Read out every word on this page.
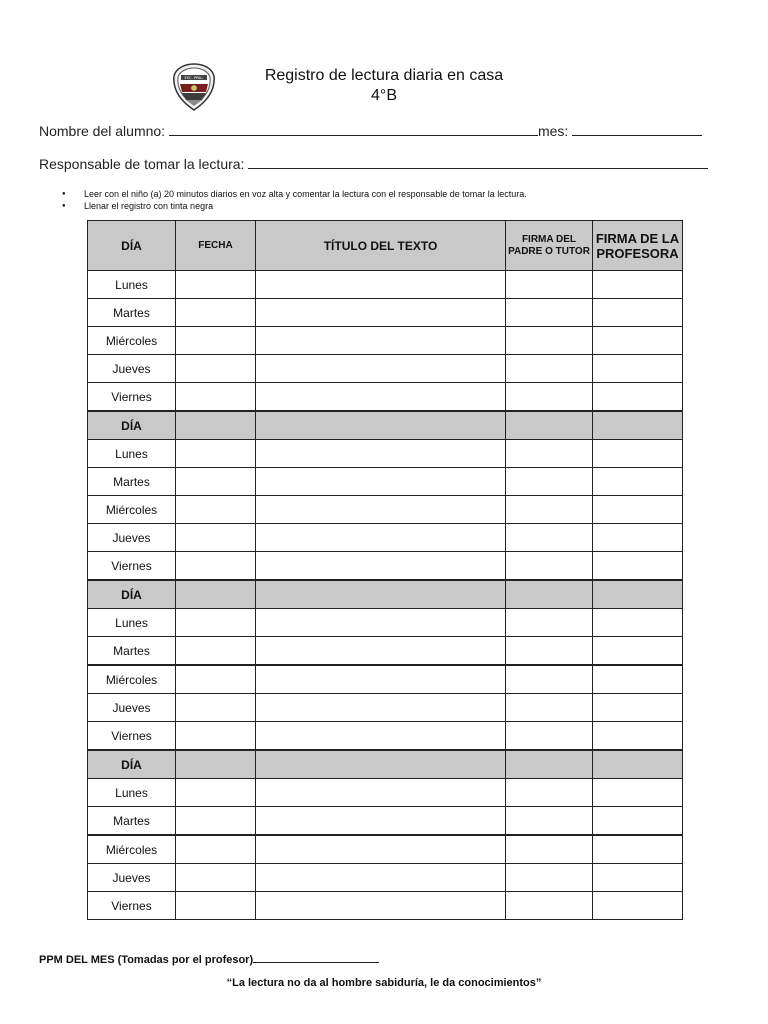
ESC. PPAL.	Registro de lectura diaria en casa
4°B
Nombre del alumno:	mes:
Responsable de tomar la lectura:
● Leer con el niño (a) 20 minutos diarios en voz alta y comentar la lectura con el responsable de tomar la lectura.
● Llenar el registro con tinta negra
DÍA	FECHA	TÍTULO DEL TEXTO	FIRMA DEL PADRE O TUTOR	FIRMA DE LA PROFESORA
Lunes				
Martes				
Miércoles				
Jueves				
Viernes				
DÍA				
Lunes				
Martes				
Miércoles				
Jueves				
Viernes				
DÍA				
Lunes				
Martes				
Miércoles				
Jueves				
Viernes				
DÍA				
Lunes				
Martes				
Miércoles				
Jueves				
Viernes				
PPM DEL MES (Tomadas por el profesor)
“La lectura no da al hombre sabiduría, le da conocimientos”
